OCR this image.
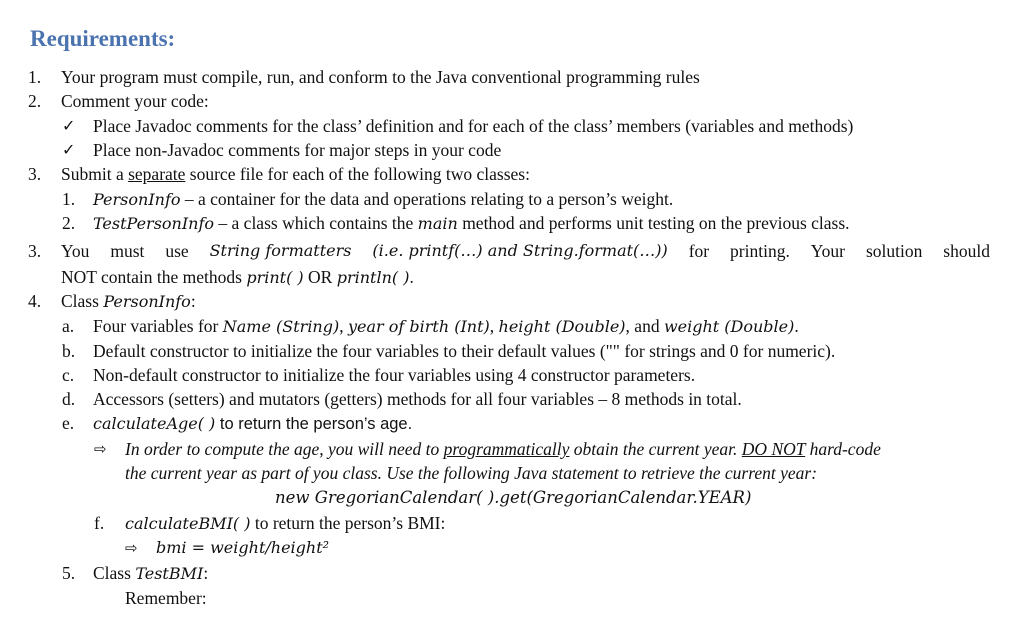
Requirements:
1. Your program must compile, run, and conform to the Java conventional programming rules
2. Comment your code:
✓ Place Javadoc comments for the class’ definition and for each of the class’ members (variables and methods)
✓ Place non-Javadoc comments for major steps in your code
3. Submit a separate source file for each of the following two classes:
1. PersonInfo – a container for the data and operations relating to a person’s weight.
2. TestPersonInfo – a class which contains the main method and performs unit testing on the previous class.
3. You must use String formatters (i.e. printf(…) and String.format(…)) for printing. Your solution should
NOT contain the methods print( ) OR println( ).
4. Class PersonInfo:
a. Four variables for Name (String), year of birth (Int), height (Double), and weight (Double).
b. Default constructor to initialize the four variables to their default values ("" for strings and 0 for numeric).
c. Non-default constructor to initialize the four variables using 4 constructor parameters.
d. Accessors (setters) and mutators (getters) methods for all four variables – 8 methods in total.
e. calculateAge( ) to return the person’s age.
⇨ In order to compute the age, you will need to programmatically obtain the current year. DO NOT hard-code
the current year as part of you class. Use the following Java statement to retrieve the current year:
new GregorianCalendar( ).get(GregorianCalendar.YEAR)
f. calculateBMI( ) to return the person’s BMI:
⇨ bmi = weight/height²
5. Class TestBMI:
Remember:
